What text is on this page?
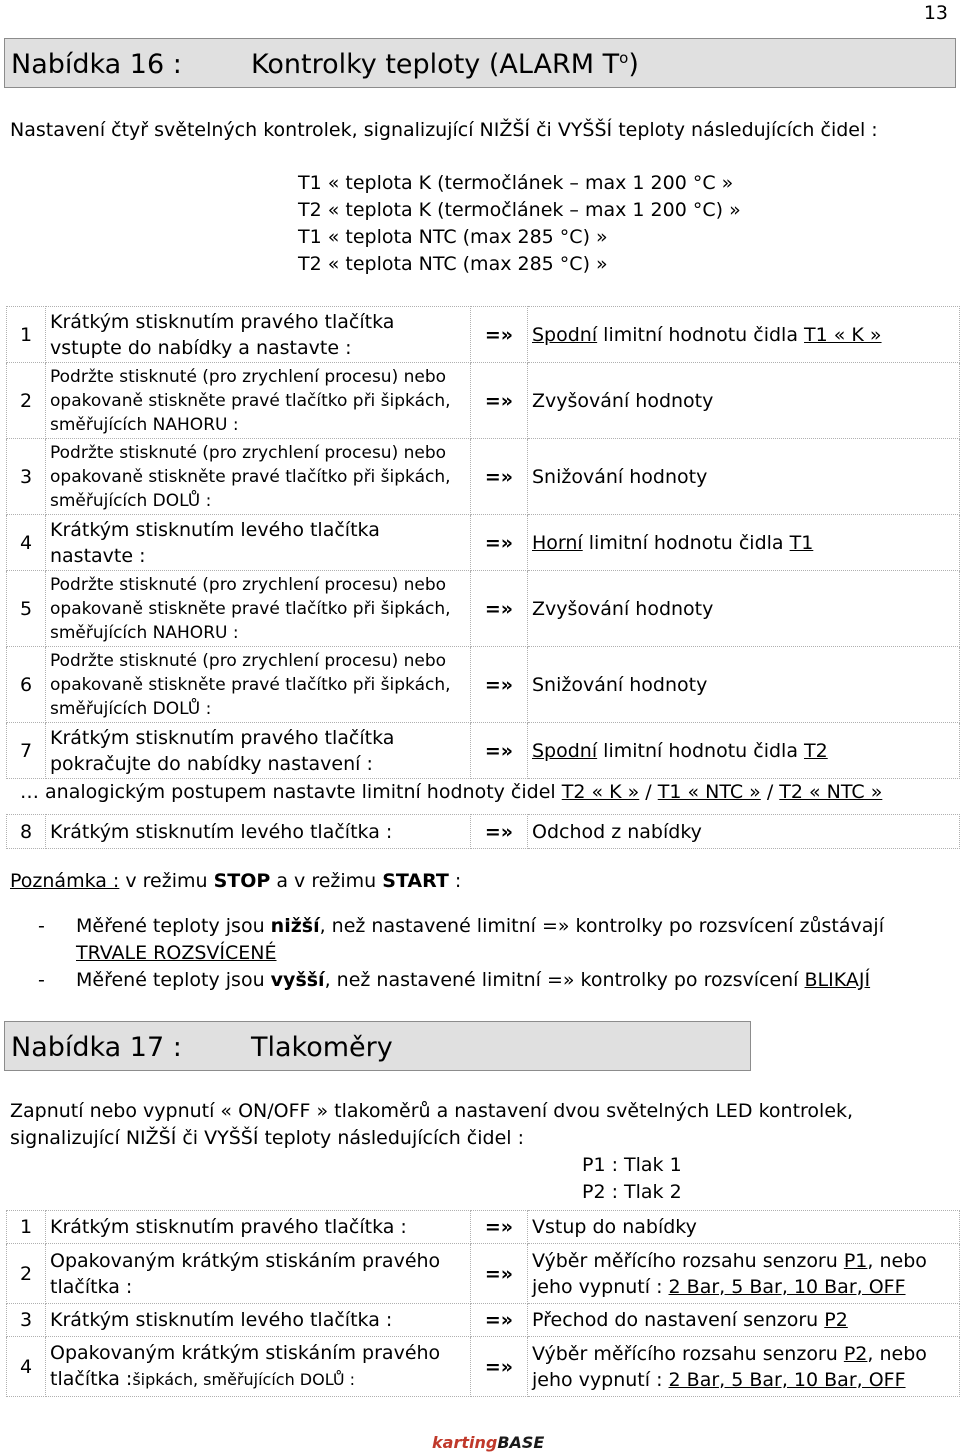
13
Nabídka 16 :	Kontrolky teploty (ALARM $T^o$)
Nastavení čtyř světelných kontrolek, signalizující NIŽŠÍ či VYŠŠÍ teploty následujících čidel :
T1 « teplota K (termočlánek – max 1 200 °C »
T2 « teplota K (termočlánek – max 1 200 °C) »
T1 « teplota NTC (max 285 °C) »
T2 « teplota NTC (max 285 °C) »
1	Krátkým stisknutím pravého tlačítka vstupte do nabídky a nastavte :	=»	Spodní limitní hodnotu čidla T1 « K »
2	Podržte stisknuté (pro zrychlení procesu) nebo opakovaně stiskněte pravé tlačítko při šipkách, směřujících NAHORU :	=»	Zvyšování hodnoty
3	Podržte stisknuté (pro zrychlení procesu) nebo opakovaně stiskněte pravé tlačítko při šipkách, směřujících DOLŮ :	=»	Snižování hodnoty
4	Krátkým stisknutím levého tlačítka nastavte :	=»	Horní limitní hodnotu čidla T1
5	Podržte stisknuté (pro zrychlení procesu) nebo opakovaně stiskněte pravé tlačítko při šipkách, směřujících NAHORU :	=»	Zvyšování hodnoty
6	Podržte stisknuté (pro zrychlení procesu) nebo opakovaně stiskněte pravé tlačítko při šipkách, směřujících DOLŮ :	=»	Snižování hodnoty
7	Krátkým stisknutím pravého tlačítka pokračujte do nabídky nastavení :	=»	Spodní limitní hodnotu čidla T2
… analogickým postupem nastavte limitní hodnoty čidel T2 « K » / T1 « NTC » / T2 « NTC »
8	Krátkým stisknutím levého tlačítka :	=»	Odchod z nabídky
Poznámka : v režimu STOP a v režimu START :
- Měřené teploty jsou nižší, než nastavené limitní =» kontrolky po rozsvícení zůstávají
TRVALE ROZSVÍCENÉ
- Měřené teploty jsou vyšší, než nastavené limitní =» kontrolky po rozsvícení BLIKAJÍ
Nabídka 17 :	Tlakoměry
Zapnutí nebo vypnutí « ON/OFF » tlakoměrů a nastavení dvou světelných LED kontrolek,
signalizující NIŽŠÍ či VYŠŠÍ teploty následujících čidel :
P1 : Tlak 1
P2 : Tlak 2
1	Krátkým stisknutím pravého tlačítka :	=»	Vstup do nabídky
2	Opakovaným krátkým stiskáním pravého tlačítka :	=»	Výběr měřícího rozsahu senzoru P1, nebo jeho vypnutí : 2 Bar, 5 Bar, 10 Bar, OFF

3	Krátkým stisknutím levého tlačítka :	=»	Přechod do nastavení senzoru P2
4	Opakovaným krátkým stiskáním pravého tlačítka :šipkách, směřujících DOLŮ :	=»	Výběr měřícího rozsahu senzoru P2, nebo jeho vypnutí : 2 Bar, 5 Bar, 10 Bar, OFF
kartingBASE
